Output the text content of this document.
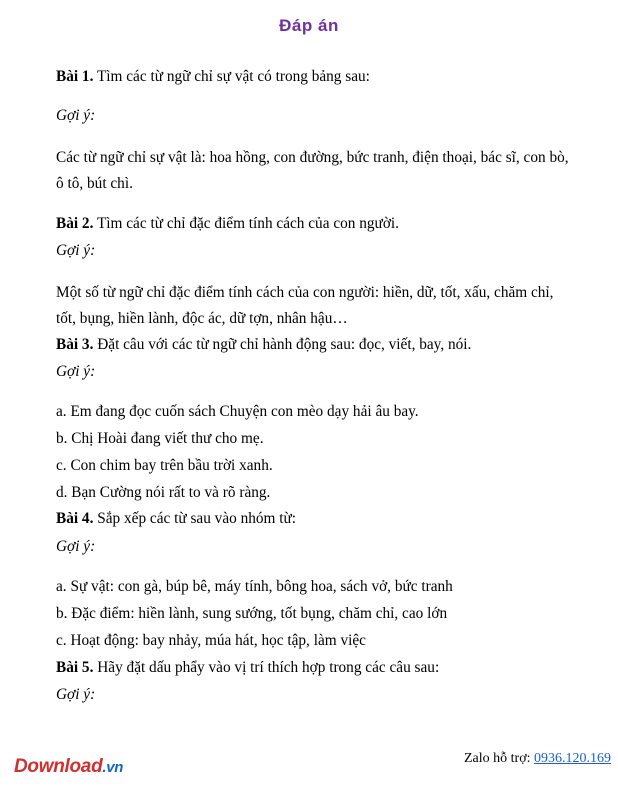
Đáp án
Bài 1. Tìm các từ ngữ chỉ sự vật có trong bảng sau:
Gợi ý:
Các từ ngữ chỉ sự vật là: hoa hồng, con đường, bức tranh, điện thoại, bác sĩ, con bò,
ô tô, bút chì.
Bài 2. Tìm các từ chỉ đặc điểm tính cách của con người.
Gợi ý:
Một số từ ngữ chỉ đặc điểm tính cách của con người: hiền, dữ, tốt, xấu, chăm chỉ,
tốt, bụng, hiền lành, độc ác, dữ tợn, nhân hậu…
Bài 3. Đặt câu với các từ ngữ chỉ hành động sau: đọc, viết, bay, nói.
Gợi ý:
a. Em đang đọc cuốn sách Chuyện con mèo dạy hải âu bay.
b. Chị Hoài đang viết thư cho mẹ.
c. Con chim bay trên bầu trời xanh.
d. Bạn Cường nói rất to và rõ ràng.
Bài 4. Sắp xếp các từ sau vào nhóm từ:
Gợi ý:
a. Sự vật: con gà, búp bê, máy tính, bông hoa, sách vở, bức tranh
b. Đặc điểm: hiền lành, sung sướng, tốt bụng, chăm chỉ, cao lớn
c. Hoạt động: bay nhảy, múa hát, học tập, làm việc
Bài 5. Hãy đặt dấu phẩy vào vị trí thích hợp trong các câu sau:
Gợi ý:
Download.vn
Zalo hỗ trợ: 0936.120.169
